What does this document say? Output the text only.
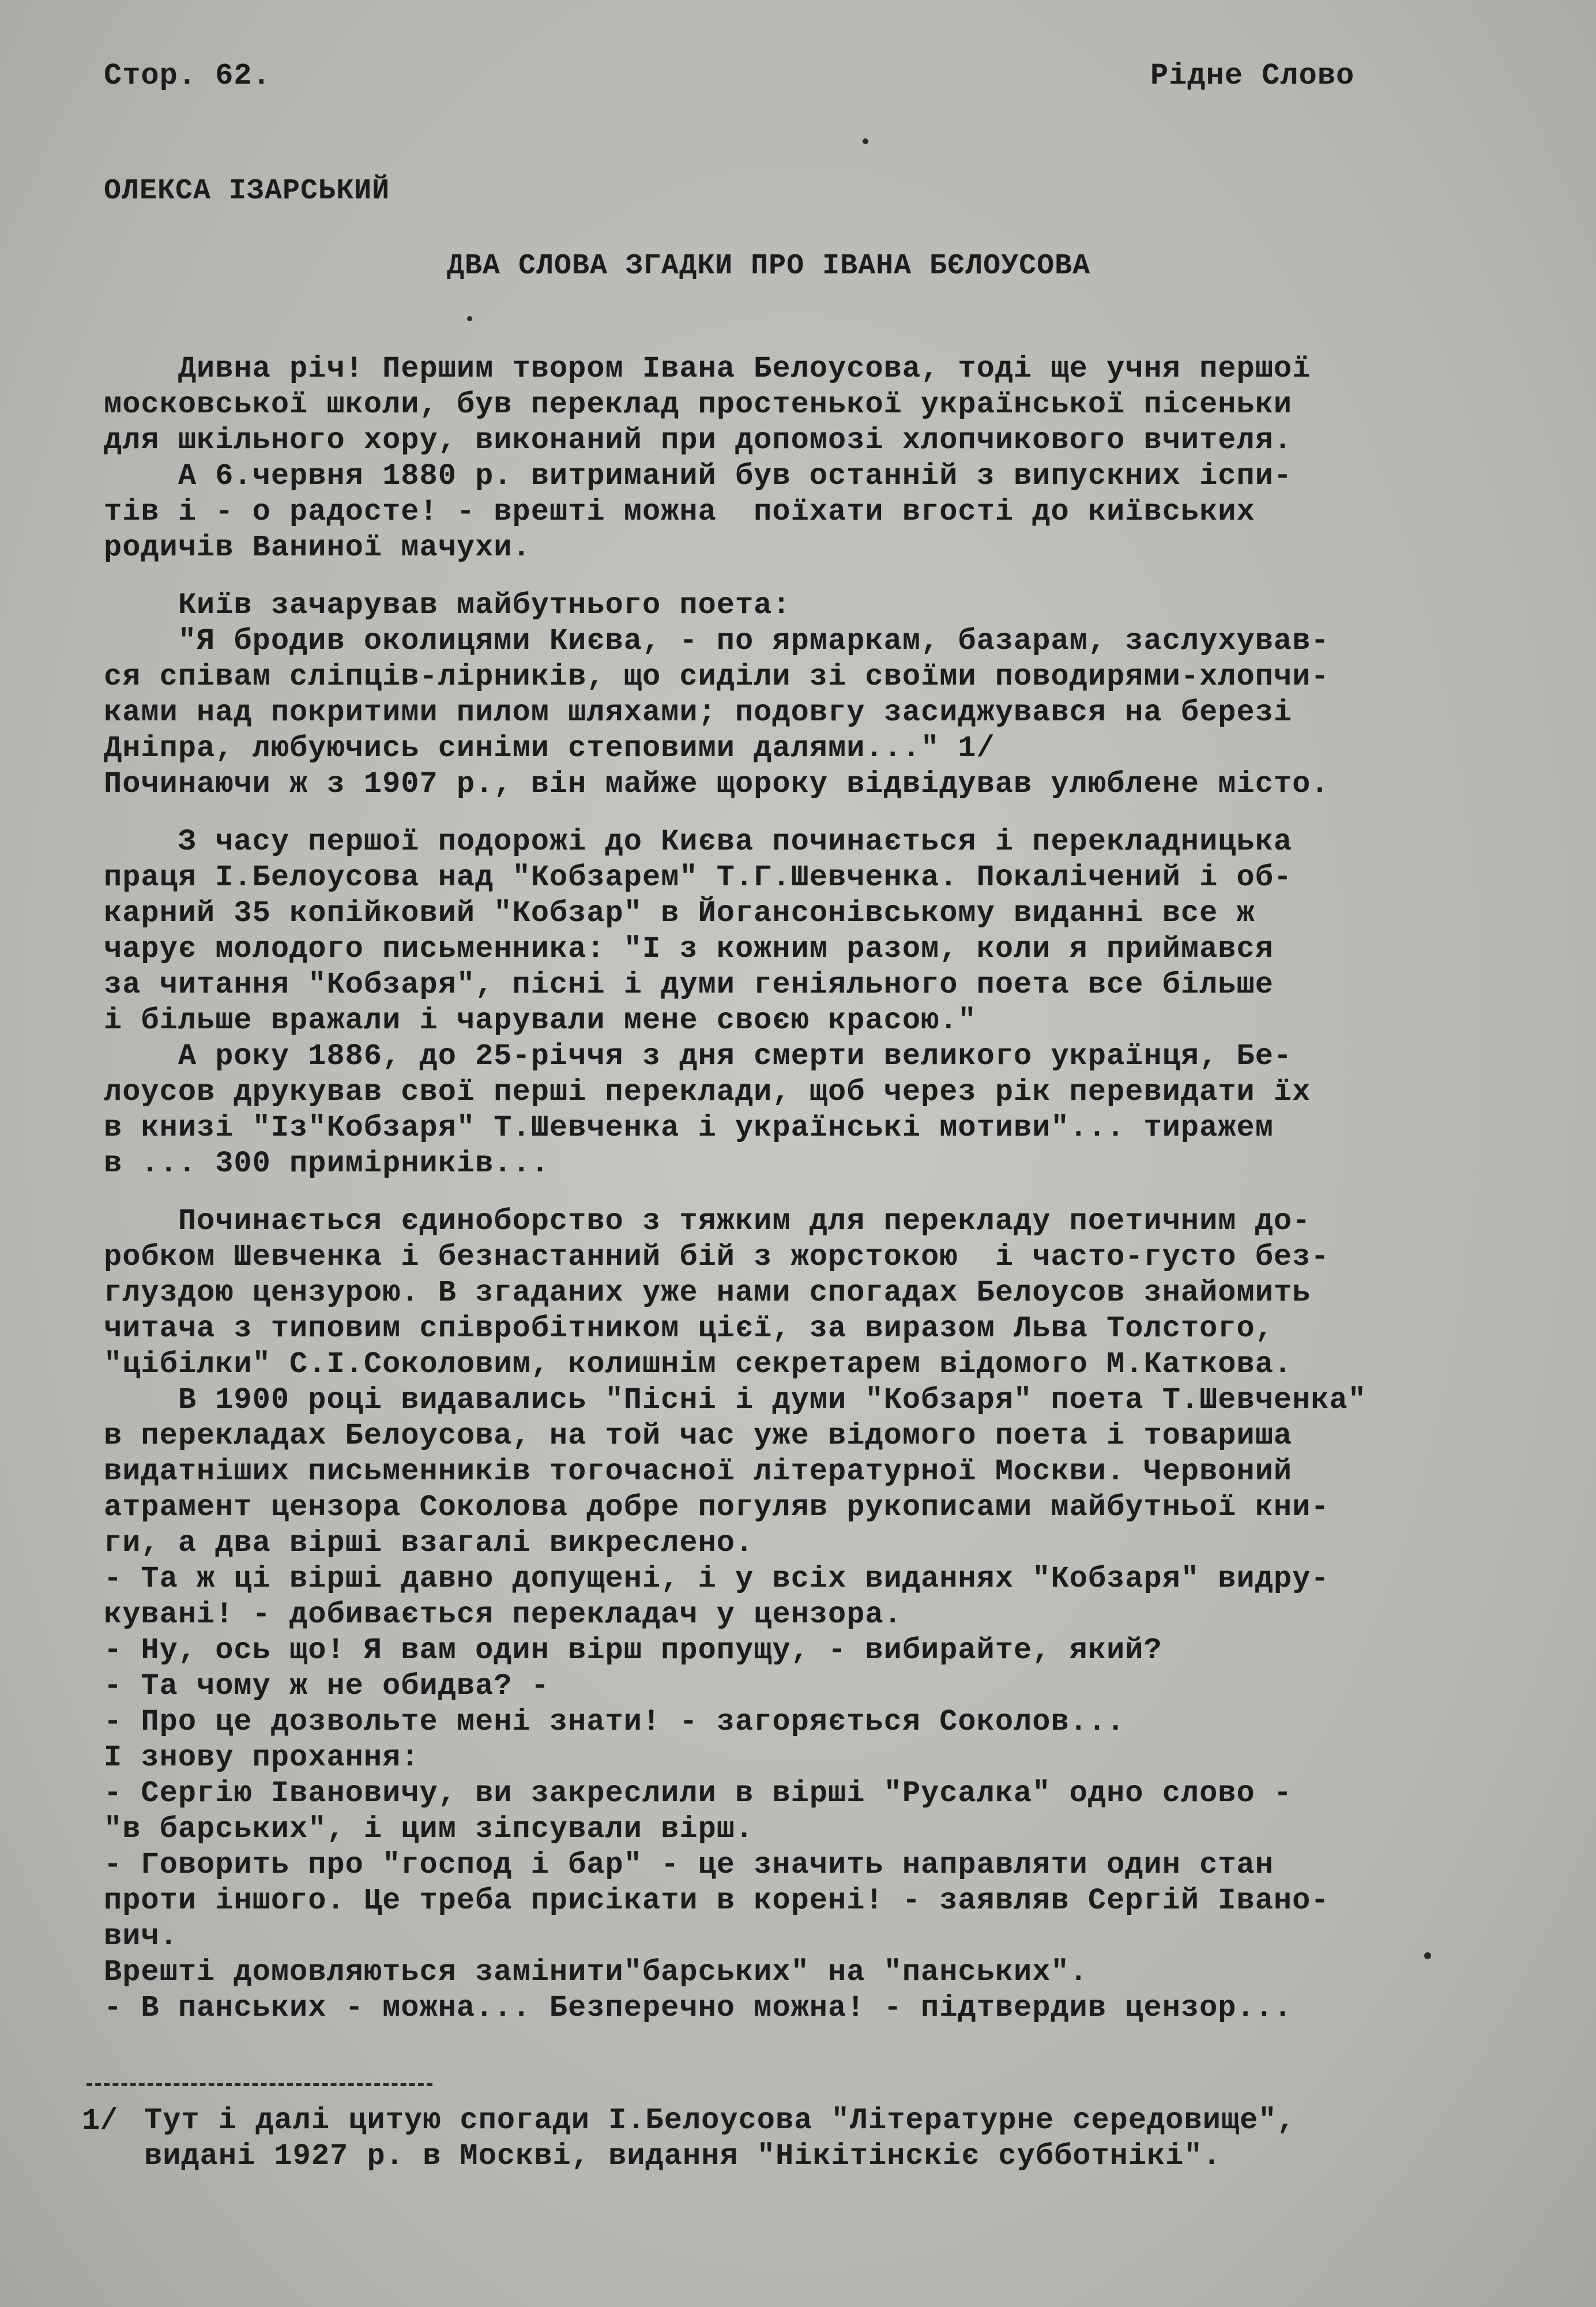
Стор. 62.	Рідне Слово
ОЛЕКСА ІЗАРСЬКИЙ
ДВА СЛОВА ЗГАДКИ ПРО ІВАНА БЄЛОУСОВА
Дивна річ! Першим твором Івана Белоусова, тоді ще учня першої
московської школи, був переклад простенької української пісеньки
для шкільного хору, виконаний при допомозі хлопчикового вчителя.
А 6.червня 1880 р. витриманий був останній з випускних іспи-
тів і - о радосте! - врешті можна  поїхати вгості до київських
родичів Ваниної мачухи.
Київ зачарував майбутнього поета:
"Я бродив околицями Києва, - по ярмаркам, базарам, заслухував-
ся співам сліпців-лірників, що сиділи зі своїми поводирями-хлопчи-
ками над покритими пилом шляхами; подовгу засиджувався на березі
Дніпра, любуючись синіми степовими далями..." 1/
Починаючи ж з 1907 р., він майже щороку відвідував улюблене місто.
З часу першої подорожі до Києва починається і перекладницька
праця І.Белоусова над "Кобзарем" Т.Г.Шевченка. Покалічений і об-
карний 35 копійковий "Кобзар" в Йогансонівському виданні все ж
чарує молодого письменника: "І з кожним разом, коли я приймався
за читання "Кобзаря", пісні і думи геніяльного поета все більше
і більше вражали і чарували мене своєю красою."
А року 1886, до 25-річчя з дня смерти великого українця, Бе-
лоусов друкував свої перші переклади, щоб через рік перевидати їх
в книзі "Із"Кобзаря" Т.Шевченка і українські мотиви"... тиражем
в ... 300 примірників...
Починається єдиноборство з тяжким для перекладу поетичним до-
робком Шевченка і безнастанний бій з жорстокою  і часто-густо без-
глуздою цензурою. В згаданих уже нами спогадах Белоусов знайомить
читача з типовим співробітником цієї, за виразом Льва Толстого,
"цібілки" С.І.Соколовим, колишнім секретарем відомого М.Каткова.
В 1900 році видавались "Пісні і думи "Кобзаря" поета Т.Шевченка"
в перекладах Белоусова, на той час уже відомого поета і товариша
видатніших письменників тогочасної літературної Москви. Червоний
атрамент цензора Соколова добре погуляв рукописами майбутньої кни-
ги, а два вірші взагалі викреслено.
- Та ж ці вірші давно допущені, і у всіх виданнях "Кобзаря" видру-
кувані! - добивається перекладач у цензора.
- Ну, ось що! Я вам один вірш пропущу, - вибирайте, який?
- Та чому ж не обидва? -
- Про це дозвольте мені знати! - загоряється Соколов...
І знову прохання:
- Сергію Івановичу, ви закреслили в вірші "Русалка" одно слово -
"в барських", і цим зіпсували вірш.
- Говорить про "господ і бар" - це значить направляти один стан
проти іншого. Це треба присікати в корені! - заявляв Сергій Івано-
вич.
Врешті домовляються замінити"барських" на "панських".
- В панських - можна... Безперечно можна! - підтвердив цензор...
1/ Тут і далі цитую спогади І.Белоусова "Літературне середовище",
видані 1927 р. в Москві, видання "Нікітінскіє субботнікі".
